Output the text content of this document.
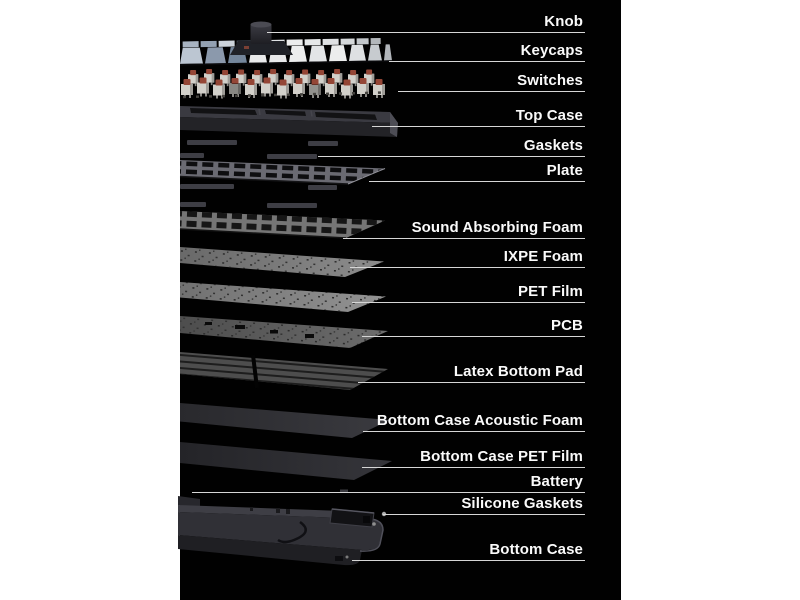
Knob
Keycaps
Switches
Top Case
Gaskets
Plate
Sound Absorbing Foam
IXPE Foam
PET Film
PCB
Latex Bottom Pad
Bottom Case Acoustic Foam
Bottom Case PET Film
Battery
Silicone Gaskets
Bottom Case
